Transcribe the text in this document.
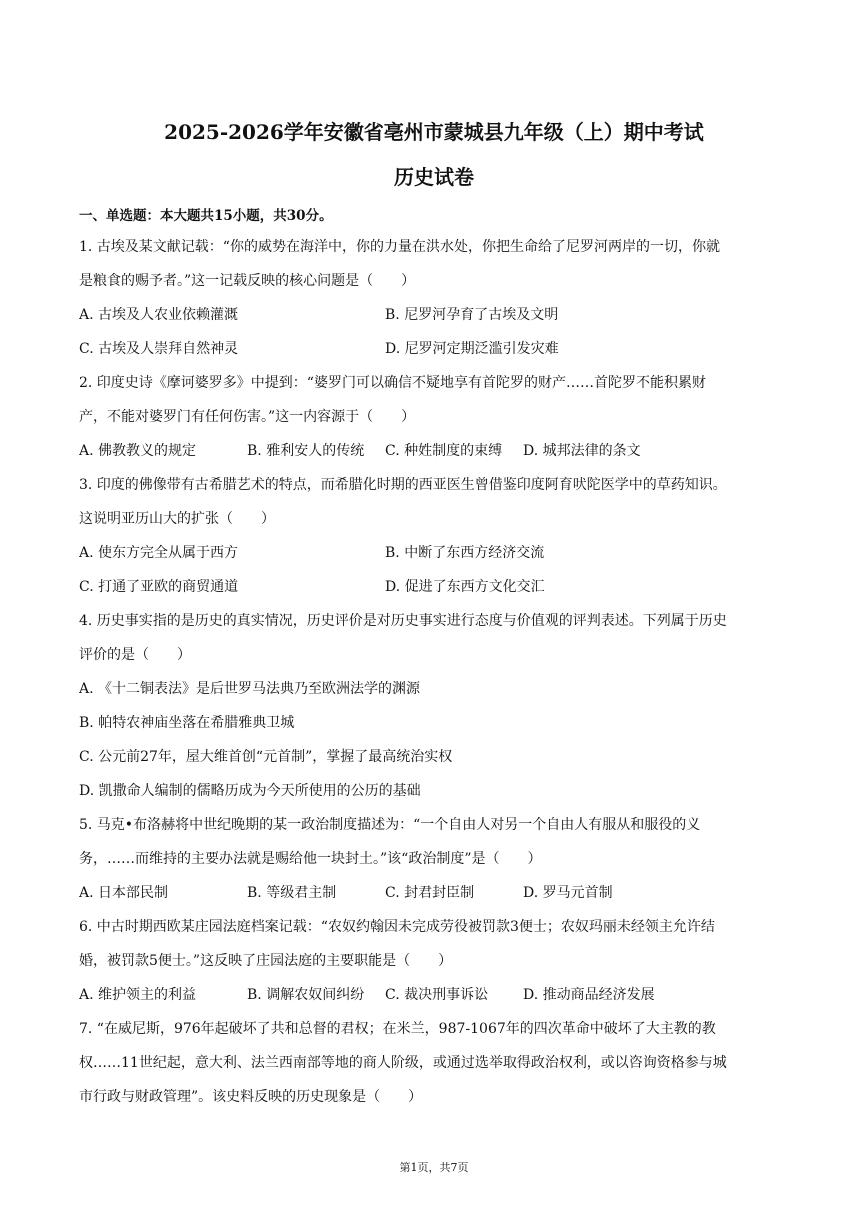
2025-2026学年安徽省亳州市蒙城县九年级（上）期中考试
历史试卷
一、单选题：本大题共15小题，共30分。
1. 古埃及某文献记载：“你的威势在海洋中，你的力量在洪水处，你把生命给了尼罗河两岸的一切，你就
是粮食的赐予者。”这一记载反映的核心问题是（　　）
A. 古埃及人农业依赖灌溉	B. 尼罗河孕育了古埃及文明
C. 古埃及人崇拜自然神灵	D. 尼罗河定期泛滥引发灾难
2. 印度史诗《摩诃婆罗多》中提到：“婆罗门可以确信不疑地享有首陀罗的财产……首陀罗不能积累财
产，不能对婆罗门有任何伤害。”这一内容源于（　　）
A. 佛教教义的规定	B. 雅利安人的传统	C. 种姓制度的束缚	D. 城邦法律的条文
3. 印度的佛像带有古希腊艺术的特点，而希腊化时期的西亚医生曾借鉴印度阿育吠陀医学中的草药知识。
这说明亚历山大的扩张（　　）
A. 使东方完全从属于西方	B. 中断了东西方经济交流
C. 打通了亚欧的商贸通道	D. 促进了东西方文化交汇
4. 历史事实指的是历史的真实情况，历史评价是对历史事实进行态度与价值观的评判表述。下列属于历史
评价的是（　　）
A. 《十二铜表法》是后世罗马法典乃至欧洲法学的渊源
B. 帕特农神庙坐落在希腊雅典卫城
C. 公元前27年，屋大维首创“元首制”，掌握了最高统治实权
D. 凯撒命人编制的儒略历成为今天所使用的公历的基础
5. 马克•布洛赫将中世纪晚期的某一政治制度描述为：“一个自由人对另一个自由人有服从和服役的义
务，……而维持的主要办法就是赐给他一块封土。”该“政治制度”是（　　）
A. 日本部民制	B. 等级君主制	C. 封君封臣制	D. 罗马元首制
6. 中古时期西欧某庄园法庭档案记载：“农奴约翰因未完成劳役被罚款3便士；农奴玛丽未经领主允许结
婚，被罚款5便士。”这反映了庄园法庭的主要职能是（　　）
A. 维护领主的利益	B. 调解农奴间纠纷	C. 裁决刑事诉讼	D. 推动商品经济发展
7. “在威尼斯，976年起破坏了共和总督的君权；在米兰，987-1067年的四次革命中破坏了大主教的教
权……11世纪起，意大利、法兰西南部等地的商人阶级，或通过选举取得政治权利，或以咨询资格参与城
市行政与财政管理”。该史料反映的历史现象是（　　）
第1页，共7页
